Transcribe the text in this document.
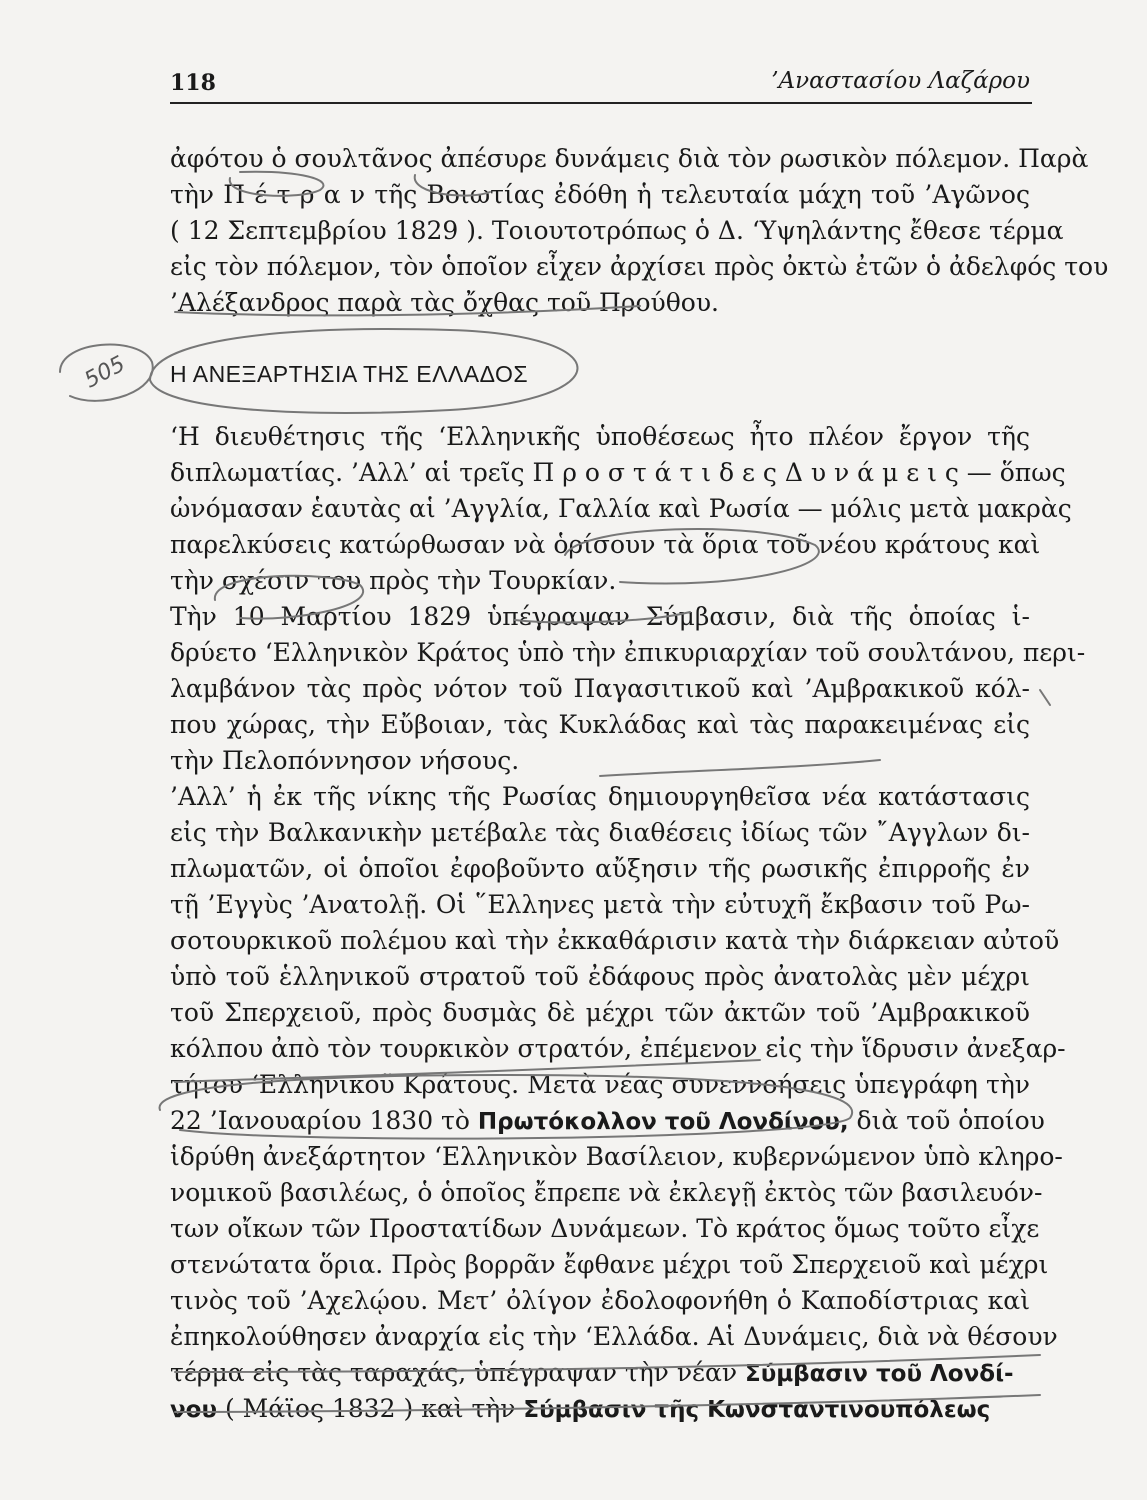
118	’Αναστασίου Λαζάρου
ἀφότου ὁ σουλτᾶνος ἀπέσυρε δυνάμεις διὰ τὸν ρωσικὸν πόλεμον. Παρὰ
τὴν Π έ τ ρ α ν τῆς Βοιωτίας ἐδόθη ἡ τελευταία μάχη τοῦ ’Αγῶνος
( 12 Σεπτεμβρίου 1829 ). Τοιουτοτρόπως ὁ Δ. ‘Υψηλάντης ἔθεσε τέρμα
εἰς τὸν πόλεμον, τὸν ὁποῖον εἶχεν ἀρχίσει πρὸς ὀκτὼ ἐτῶν ὁ ἀδελφός του
’Αλέξανδρος παρὰ τὰς ὄχθας τοῦ Προύθου.
Η ΑΝΕΞΑΡΤΗΣΙΑ ΤΗΣ ΕΛΛΑΔΟΣ
‘Η διευθέτησις τῆς ‘Ελληνικῆς ὑποθέσεως ἦτο πλέον ἔργον τῆς
διπλωματίας. ’Αλλ’ αἱ τρεῖς Π ρ ο σ τ ά τ ι δ ε ς Δ υ ν ά μ ε ι ς — ὅπως
ὠνόμασαν ἑαυτὰς αἱ ’Αγγλία, Γαλλία καὶ Ρωσία — μόλις μετὰ μακρὰς
παρελκύσεις κατώρθωσαν νὰ ὁρίσουν τὰ ὅρια τοῦ νέου κράτους καὶ
τὴν σχέσιν του πρὸς τὴν Τουρκίαν.
Τὴν 10 Μαρτίου 1829 ὑπέγραψαν Σύμβασιν, διὰ τῆς ὁποίας ἱ-
δρύετο ‘Ελληνικὸν Κράτος ὑπὸ τὴν ἐπικυριαρχίαν τοῦ σουλτάνου, περι-
λαμβάνον τὰς πρὸς νότον τοῦ Παγασιτικοῦ καὶ ’Αμβρακικοῦ κόλ-
που χώρας, τὴν Εὔβοιαν, τὰς Κυκλάδας καὶ τὰς παρακειμένας εἰς
τὴν Πελοπόννησον νήσους.
’Αλλ’ ἡ ἐκ τῆς νίκης τῆς Ρωσίας δημιουργηθεῖσα νέα κατάστασις
εἰς τὴν Βαλκανικὴν μετέβαλε τὰς διαθέσεις ἰδίως τῶν ῎Αγγλων δι-
πλωματῶν, οἱ ὁποῖοι ἐφοβοῦντο αὔξησιν τῆς ρωσικῆς ἐπιρροῆς ἐν
τῇ ’Εγγὺς ’Ανατολῇ. Οἱ ῞Ελληνες μετὰ τὴν εὐτυχῆ ἔκβασιν τοῦ Ρω-
σοτουρκικοῦ πολέμου καὶ τὴν ἐκκαθάρισιν κατὰ τὴν διάρκειαν αὐτοῦ
ὑπὸ τοῦ ἑλληνικοῦ στρατοῦ τοῦ ἐδάφους πρὸς ἀνατολὰς μὲν μέχρι
τοῦ Σπερχειοῦ, πρὸς δυσμὰς δὲ μέχρι τῶν ἀκτῶν τοῦ ’Αμβρακικοῦ
κόλπου ἀπὸ τὸν τουρκικὸν στρατόν, ἐπέμενον εἰς τὴν ἵδρυσιν ἀνεξαρ-
τήτου ‘Ελληνικοῦ Κράτους. Μετὰ νέας συνεννοήσεις ὑπεγράφη τὴν
22 ’Ιανουαρίου 1830 τὸ Πρωτόκολλον τοῦ Λονδίνου, διὰ τοῦ ὁποίου
ἱδρύθη ἀνεξάρτητον ‘Ελληνικὸν Βασίλειον, κυβερνώμενον ὑπὸ κληρο-
νομικοῦ βασιλέως, ὁ ὁποῖος ἔπρεπε νὰ ἐκλεγῇ ἐκτὸς τῶν βασιλευόν-
των οἴκων τῶν Προστατίδων Δυνάμεων. Τὸ κράτος ὅμως τοῦτο εἶχε
στενώτατα ὅρια. Πρὸς βορρᾶν ἔφθανε μέχρι τοῦ Σπερχειοῦ καὶ μέχρι
τινὸς τοῦ ’Αχελῴου. Μετ’ ὀλίγον ἐδολοφονήθη ὁ Καποδίστριας καὶ
ἐπηκολούθησεν ἀναρχία εἰς τὴν ‘Ελλάδα. Αἱ Δυνάμεις, διὰ νὰ θέσουν
τέρμα εἰς τὰς ταραχάς, ὑπέγραψαν τὴν νέαν Σύμβασιν τοῦ Λονδί-
νου ( Μάϊος 1832 ) καὶ τὴν Σύμβασιν τῆς Κωνσταντινουπόλεως
505
